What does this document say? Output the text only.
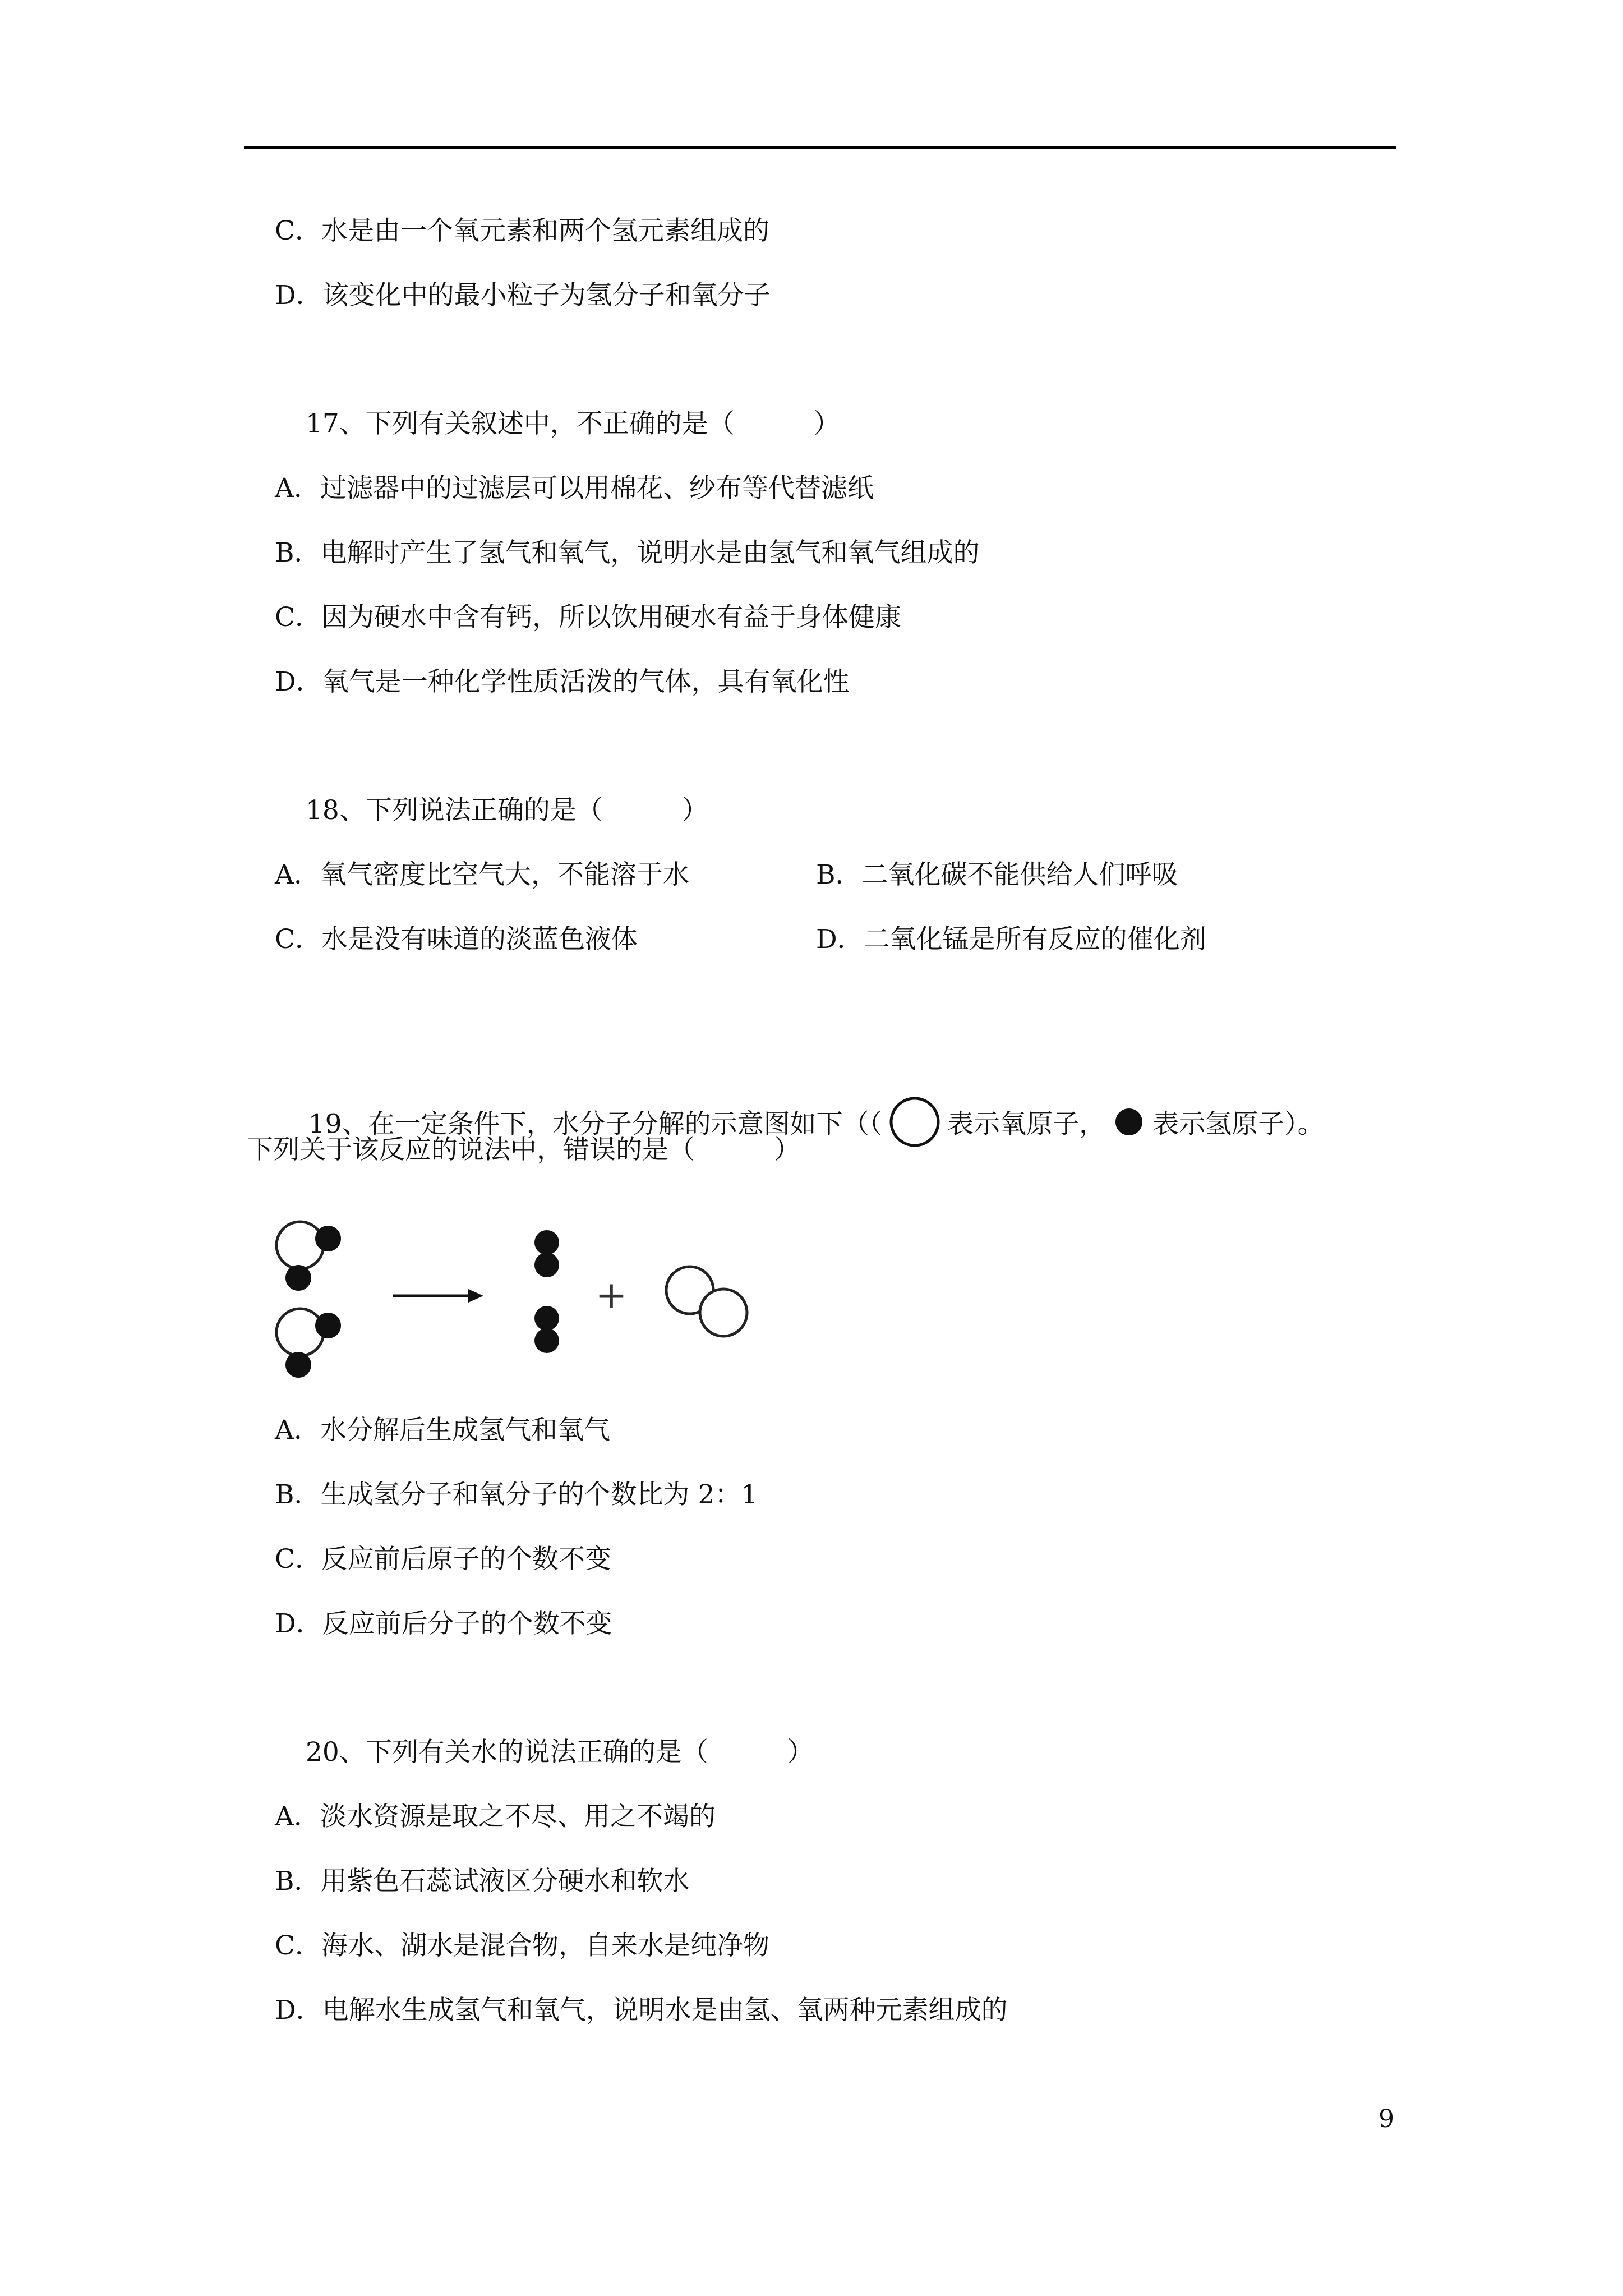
C．水是由一个氧元素和两个氢元素组成的
D．该变化中的最小粒子为氢分子和氧分子
17、下列有关叙述中，不正确的是（　　　）
A．过滤器中的过滤层可以用棉花、纱布等代替滤纸
B．电解时产生了氢气和氧气，说明水是由氢气和氧气组成的
C．因为硬水中含有钙，所以饮用硬水有益于身体健康
D．氧气是一种化学性质活泼的气体，具有氧化性
18、下列说法正确的是（　　　）
A．氧气密度比空气大，不能溶于水	B．二氧化碳不能供给人们呼吸
C．水是没有味道的淡蓝色液体	D．二氧化锰是所有反应的催化剂

19、在一定条件下，水分子分解的示意图如下（（ 表示氧原子， 表示氢原子）。

下列关于该反应的说法中，错误的是（　　　）
+
A．水分解后生成氢气和氧气
B．生成氢分子和氧分子的个数比为 2：1
C．反应前后原子的个数不变
D．反应前后分子的个数不变
20、下列有关水的说法正确的是（　　　）
A．淡水资源是取之不尽、用之不竭的
B．用紫色石蕊试液区分硬水和软水
C．海水、湖水是混合物，自来水是纯净物
D．电解水生成氢气和氧气，说明水是由氢、氧两种元素组成的
9
